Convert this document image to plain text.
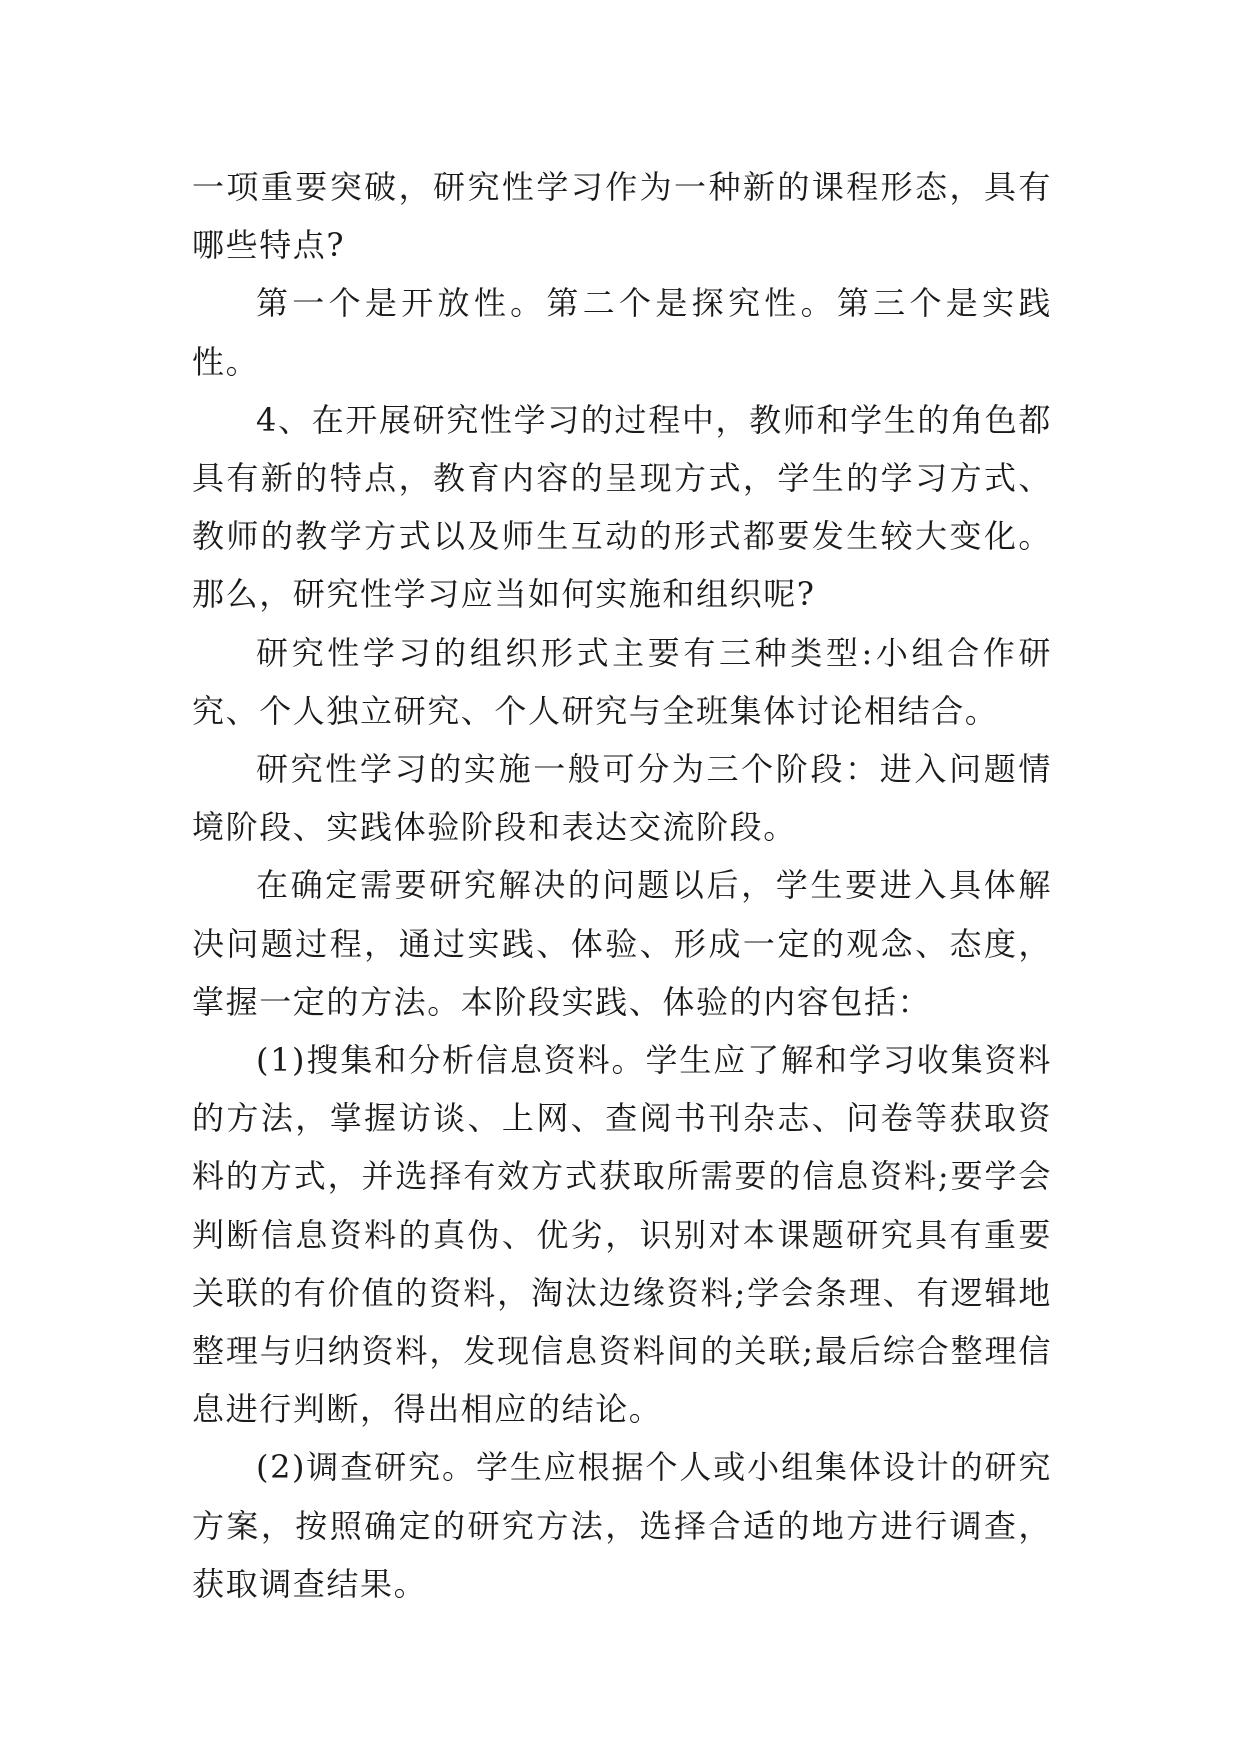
一项重要突破，研究性学习作为一种新的课程形态，具有哪些特点?

第一个是开放性。第二个是探究性。第三个是实践性。

4、在开展研究性学习的过程中，教师和学生的角色都具有新的特点，教育内容的呈现方式，学生的学习方式、教师的教学方式以及师生互动的形式都要发生较大变化。那么，研究性学习应当如何实施和组织呢?

研究性学习的组织形式主要有三种类型:小组合作研究、个人独立研究、个人研究与全班集体讨论相结合。

研究性学习的实施一般可分为三个阶段：进入问题情境阶段、实践体验阶段和表达交流阶段。

在确定需要研究解决的问题以后，学生要进入具体解决问题过程，通过实践、体验、形成一定的观念、态度，掌握一定的方法。本阶段实践、体验的内容包括：

(1)搜集和分析信息资料。学生应了解和学习收集资料的方法，掌握访谈、上网、查阅书刊杂志、问卷等获取资料的方式，并选择有效方式获取所需要的信息资料;要学会判断信息资料的真伪、优劣，识别对本课题研究具有重要关联的有价值的资料，淘汰边缘资料;学会条理、有逻辑地整理与归纳资料，发现信息资料间的关联;最后综合整理信息进行判断，得出相应的结论。

(2)调查研究。学生应根据个人或小组集体设计的研究方案，按照确定的研究方法，选择合适的地方进行调查，获取调查结果。
